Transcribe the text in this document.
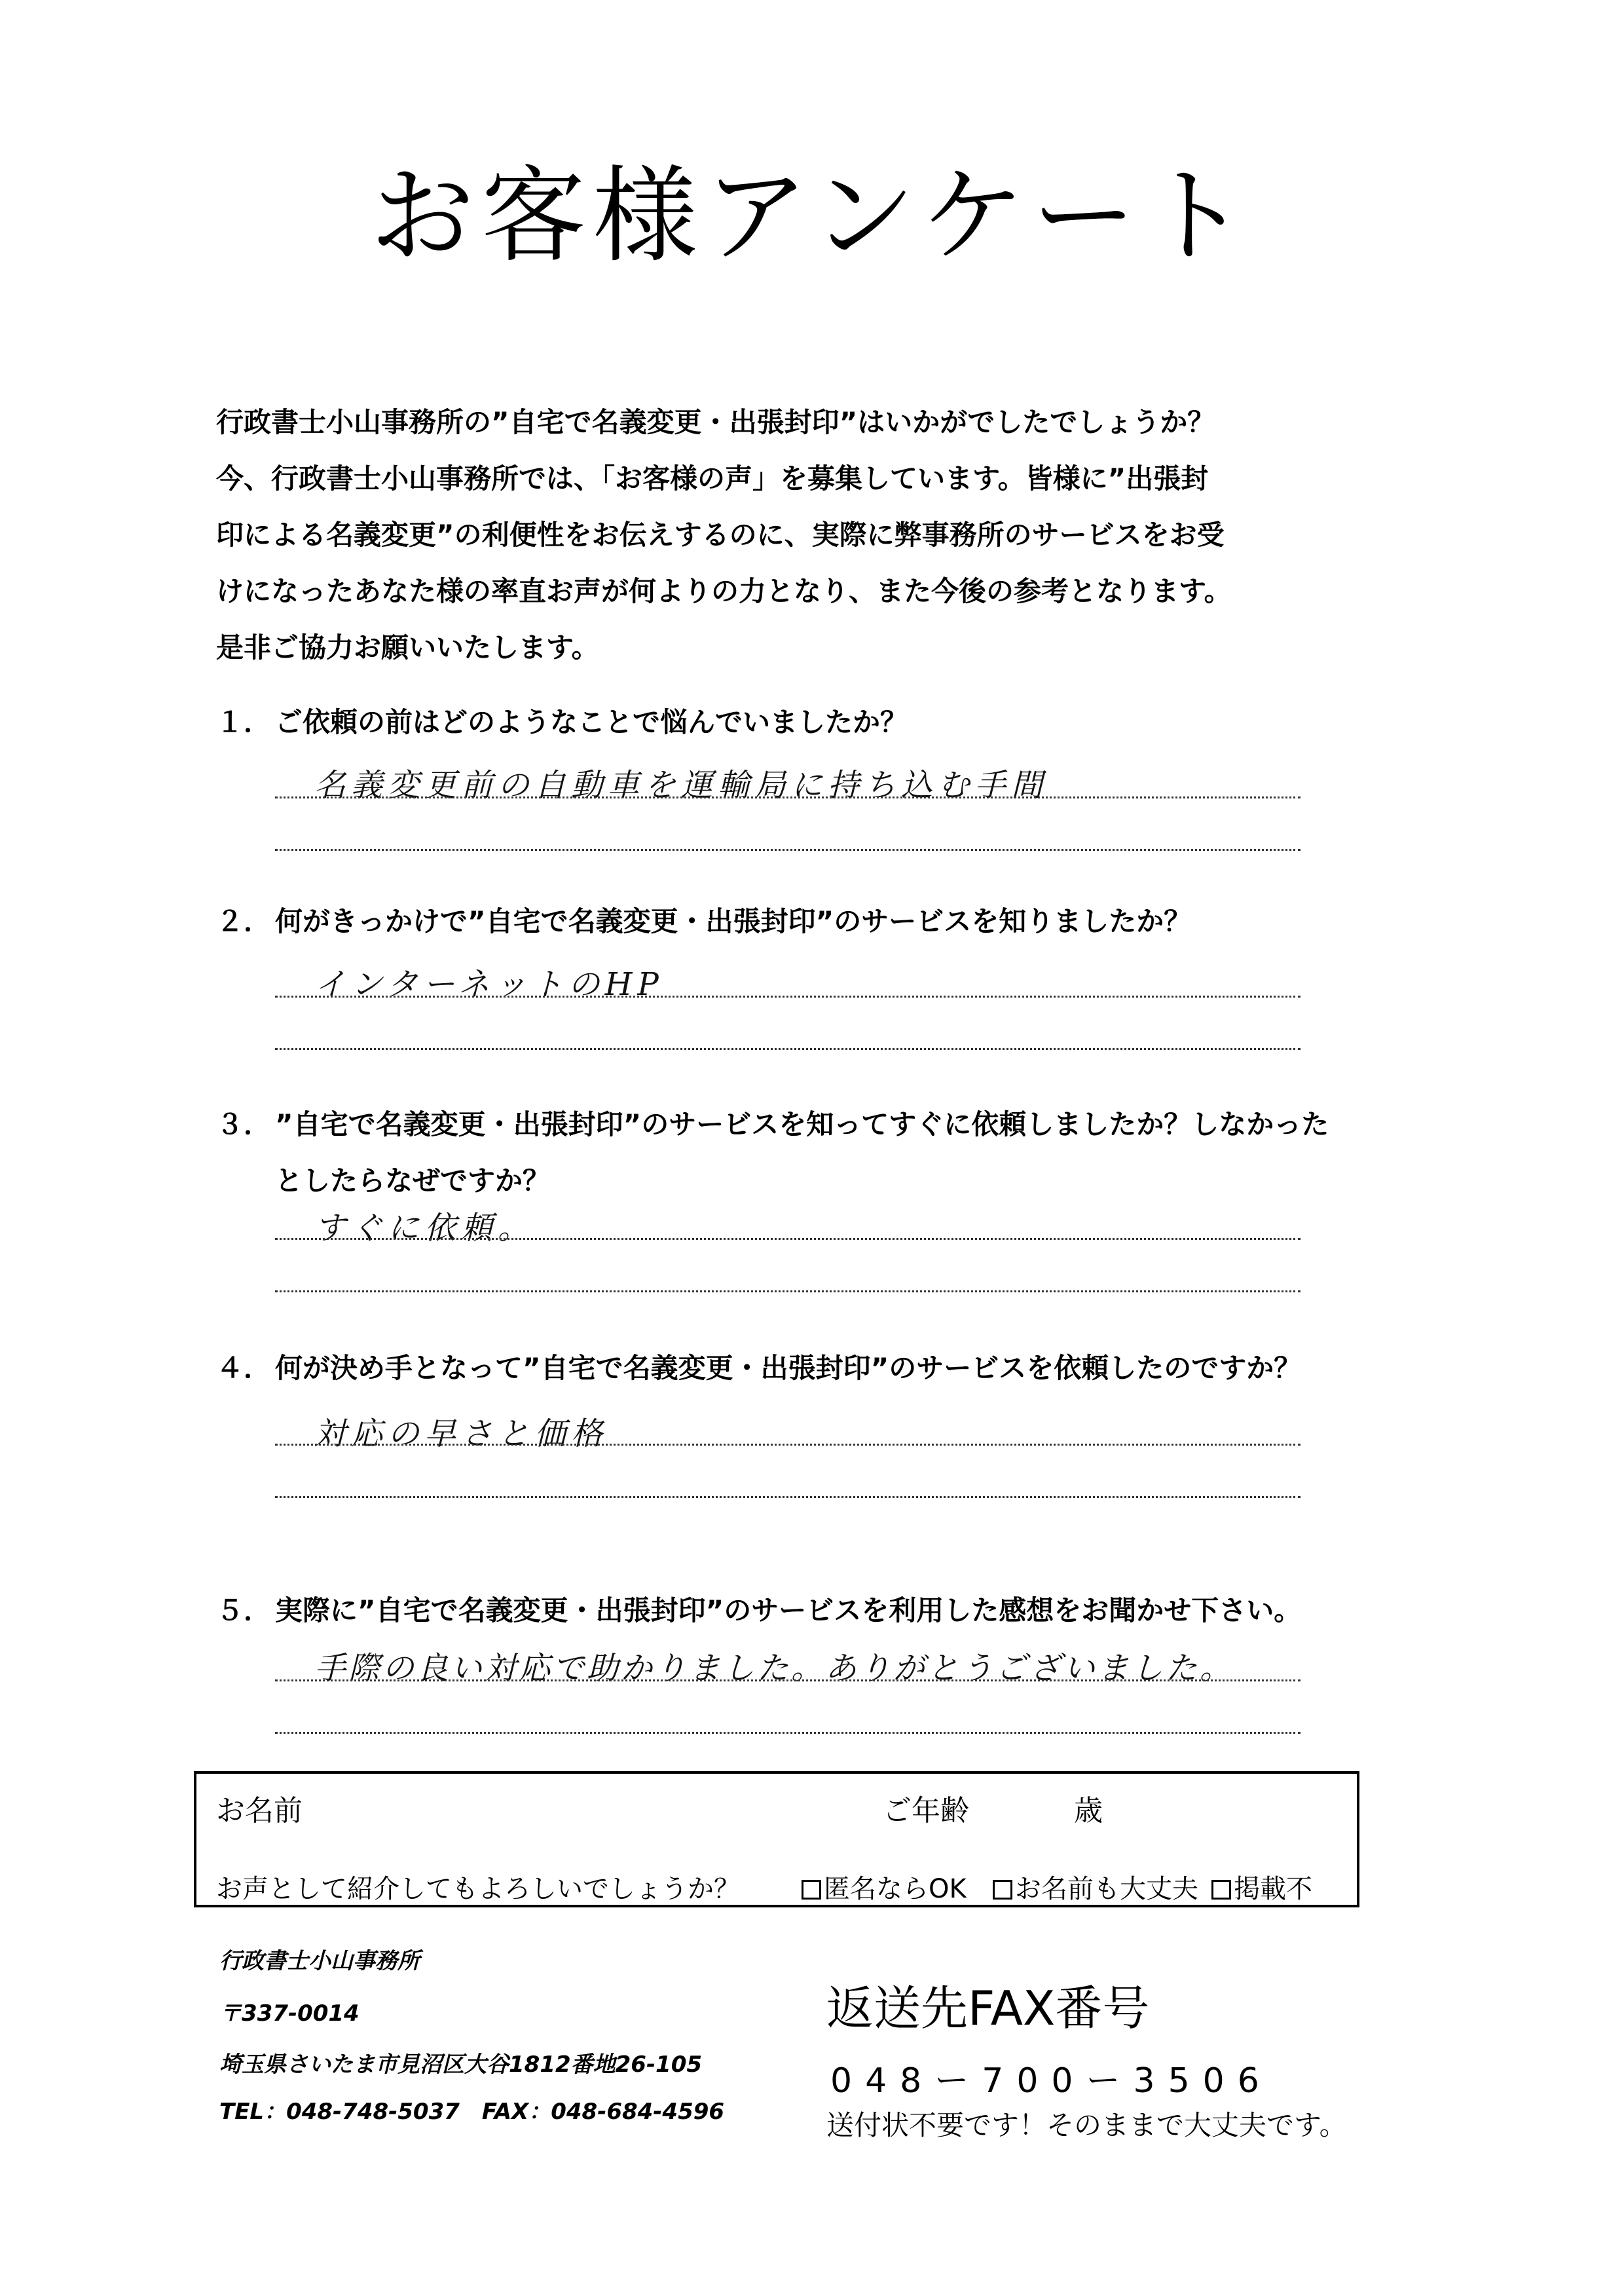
お客様アンケート

行政書士小山事務所の”自宅で名義変更・出張封印”はいかがでしたでしょうか？

今、行政書士小山事務所では、「お客様の声」を募集しています。皆様に”出張封

印による名義変更”の利便性をお伝えするのに、実際に弊事務所のサービスをお受

けになったあなた様の率直お声が何よりの力となり、また今後の参考となります。

是非ご協力お願いいたします。

１． ご依頼の前はどのようなことで悩んでいましたか？
名義変更前の自動車を運輸局に持ち込む手間
２． 何がきっかけで”自宅で名義変更・出張封印”のサービスを知りましたか？
インターネットのHP
３． ”自宅で名義変更・出張封印”のサービスを知ってすぐに依頼しましたか？しなかった
としたらなぜですか？
すぐに依頼。
４． 何が決め手となって”自宅で名義変更・出張封印”のサービスを依頼したのですか？
対応の早さと価格
５． 実際に”自宅で名義変更・出張封印”のサービスを利用した感想をお聞かせ下さい。
手際の良い対応で助かりました。ありがとうございました。
お名前	ご年齢	歳
お声として紹介してもよろしいでしょうか？	匿名ならOK	お名前も大丈夫	掲載不
行政書士小山事務所
〒337-0014
埼玉県さいたま市見沼区大谷1812番地26-105
TEL：048-748-5037　FAX：048-684-4596
返送先FAX番号
048ー700ー3506
送付状不要です！そのままで大丈夫です。
